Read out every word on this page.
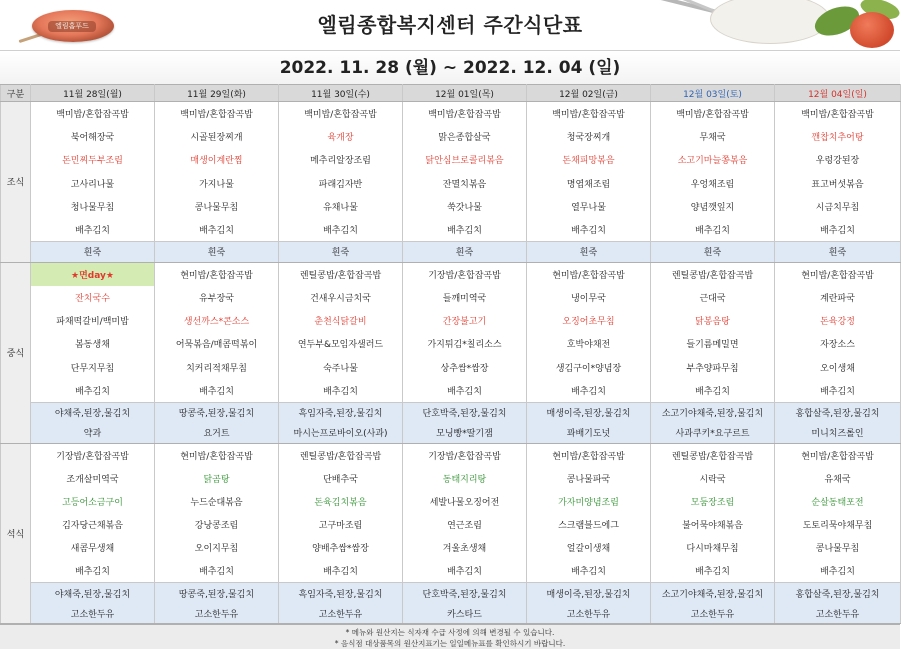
엘림홈푸드	엘림종합복지센터 주간식단표
2022. 11. 28 (월) ~ 2022. 12. 04 (일)
구분	11월 28일(월)	11월 29일(화)	11월 30일(수)	12월 01일(목)	12월 02일(금)	12월 03일(토)	12월 04일(일)
조식	백미밥/혼합잡곡밥	백미밥/혼합잡곡밥	백미밥/혼합잡곡밥	백미밥/혼합잡곡밥	백미밥/혼합잡곡밥	백미밥/혼합잡곡밥	백미밥/혼합잡곡밥
	북어해장국	시골된장찌개	육개장	맑은종합살국	청국장찌개	무채국	깬찹치추어탕
	돈민찌두부조림	매생이계란찜	메추리알장조림	닭안심브로콜리볶음	돈채피망볶음	소고기마늘쫑볶음	우렁강된장
	고사리나물	가지나물	파래김자반	잔멸치볶음	명엽채조림	우엉채조림	표고버섯볶음
	청나물무침	콩나물무침	유채나물	쑥갓나물	열무나물	양념깻잎지	시금치무침
	배추김치	배추김치	배추김치	배추김치	배추김치	배추김치	배추김치
	흰죽	흰죽	흰죽	흰죽	흰죽	흰죽	흰죽
중식	★면day★	현미밥/혼합잡곡밥	렌틸콩밥/혼합잡곡밥	기장밥/혼합잡곡밥	현미밥/혼합잡곡밥	렌틸콩밥/혼합잡곡밥	현미밥/혼합잡곡밥
	잔치국수	유부장국	건새우시금치국	들깨미역국	냉이무국	근대국	계란파국
	파채떡갈비/백미밥	생선까스*콘소스	춘천식닭갈비	간장불고기	오징어초무침	닭봉음탕	돈육강정
	봄동생채	어묵볶음/매콤떡볶이	연두부&모임자샐러드	가지튀김*칠리소스	호박야채전	들기름메밀면	자장소스
	단무지무침	치커리적채무침	숙주나물	상추쌈*쌈장	생김구이*양념장	부추양파무침	오이생채
	배추김치	배추김치	배추김치	배추김치	배추김치	배추김치	배추김치
	야채죽,된장,물김치	땅콩죽,된장,물김치	흑임자죽,된장,물김치	단호박죽,된장,물김치	매생이죽,된장,물김치	소고기야채죽,된장,물김치	홍합살죽,된장,물김치
	약과	요거트	마시는프로바이오(사과)	모닝빵*딸기잼	꽈배기도넛	사과쿠키*요구르트	미니치즈롤인
석식	기장밥/혼합잡곡밥	현미밥/혼합잡곡밥	렌틸콩밥/혼합잡곡밥	기장밥/혼합잡곡밥	현미밥/혼합잡곡밥	렌틸콩밥/혼합잡곡밥	현미밥/혼합잡곡밥
	조개살미역국	닭곰탕	단배추국	동태지리탕	콩나물파국	시락국	유채국
	고등어소금구이	누드순대볶음	돈육김치볶음	세발나물오징어전	가자미양념조림	모둠장조림	순살동태포전
	김자당근채볶음	강낭콩조림	고구마조림	연근조림	스크램블드에그	불어묵야채볶음	도토리묵야채무침
	새콤무생채	오이지무침	양배추쌈*쌈장	겨울초생채	얼갈이생채	다시마채무침	콩나물무침
	배추김치	배추김치	배추김치	배추김치	배추김치	배추김치	배추김치
	야채죽,된장,물김치	땅콩죽,된장,물김치	흑임자죽,된장,물김치	단호박죽,된장,물김치	매생이죽,된장,물김치	소고기야채죽,된장,물김치	홍합살죽,된장,물김치
	고소한두유	고소한두유	고소한두유	카스타드	고소한두유	고소한두유	고소한두유
* 메뉴와 원산지는 식자재 수급 사정에 의해 변경될 수 있습니다.
* 음식점 대상품목의 원산지표기는 일일메뉴표를 확인하시기 바랍니다.
